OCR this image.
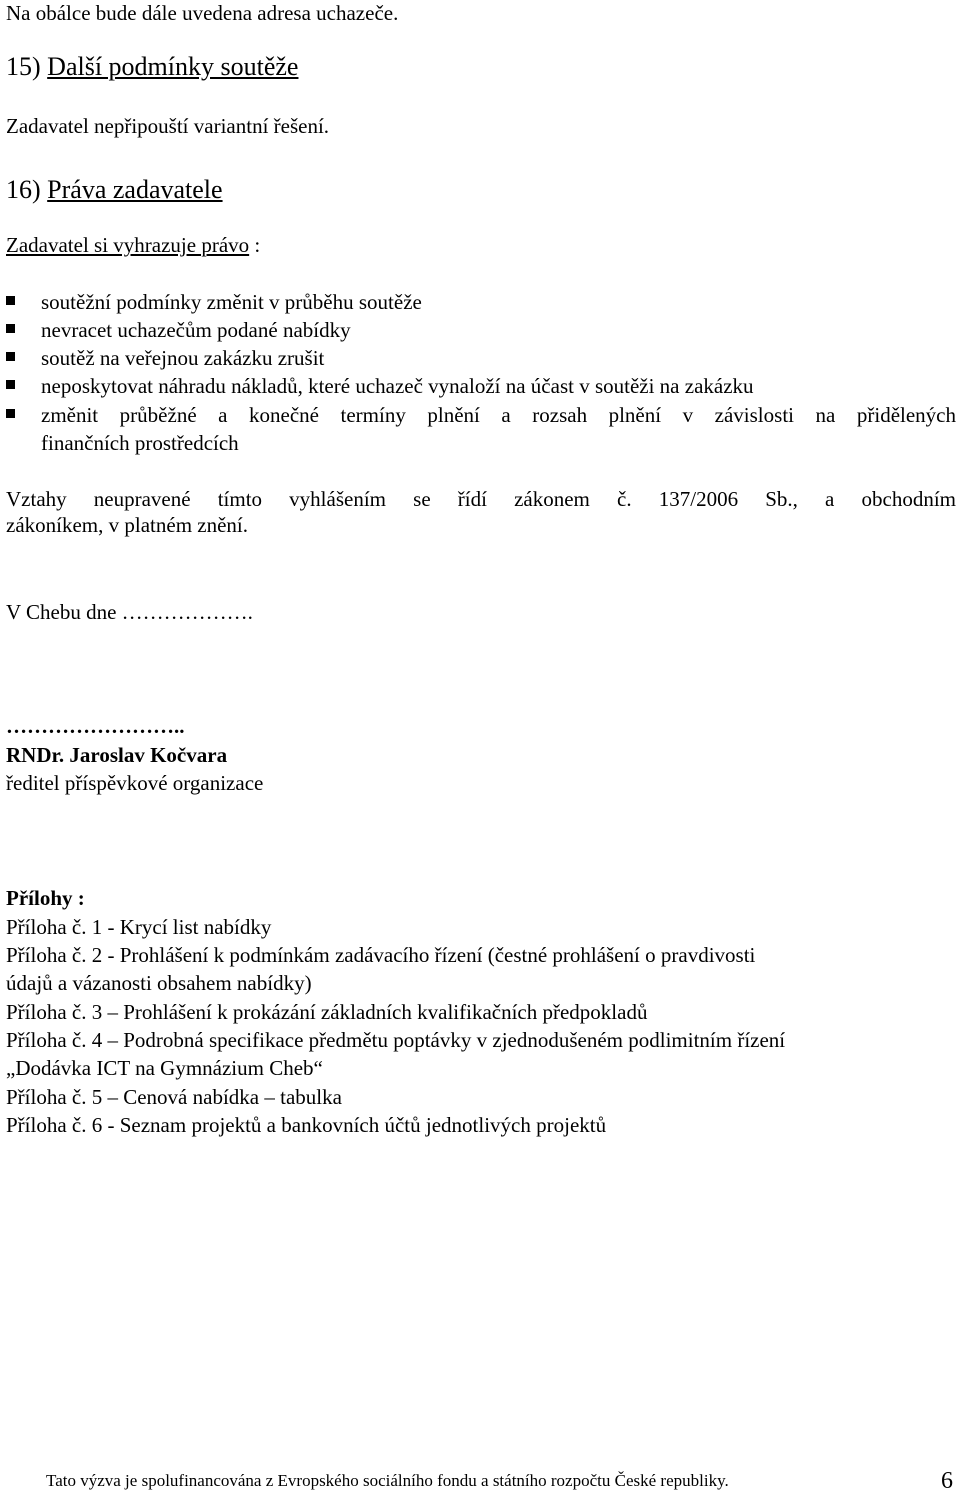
Na obálce bude dále uvedena adresa uchazeče.
15) Další podmínky soutěže
Zadavatel nepřipouští variantní řešení.
16) Práva zadavatele
Zadavatel si vyhrazuje právo :
soutěžní podmínky změnit v průběhu soutěže
nevracet uchazečům podané nabídky
soutěž na veřejnou zakázku zrušit
neposkytovat náhradu nákladů, které uchazeč vynaloží na účast v soutěži na zakázku
změnit průběžné a konečné termíny plnění a rozsah plnění v závislosti na přidělených
finančních prostředcích
Vztahy neupravené tímto vyhlášením se řídí zákonem č. 137/2006 Sb., a obchodním
zákoníkem, v platném znění.
V Chebu dne ……………….
……………………..
RNDr. Jaroslav Kočvara
ředitel příspěvkové organizace
Přílohy :
Příloha č. 1 - Krycí list nabídky
Příloha č. 2 - Prohlášení k podmínkám zadávacího řízení (čestné prohlášení o pravdivosti
údajů a vázanosti obsahem nabídky)
Příloha č. 3 – Prohlášení k prokázání základních kvalifikačních předpokladů
Příloha č. 4 – Podrobná specifikace předmětu poptávky v zjednodušeném podlimitním řízení
„Dodávka ICT na Gymnázium Cheb“
Příloha č. 5 – Cenová nabídka – tabulka
Příloha č. 6 - Seznam projektů a bankovních účtů jednotlivých projektů
Tato výzva je spolufinancována z Evropského sociálního fondu a státního rozpočtu České republiky.	6
